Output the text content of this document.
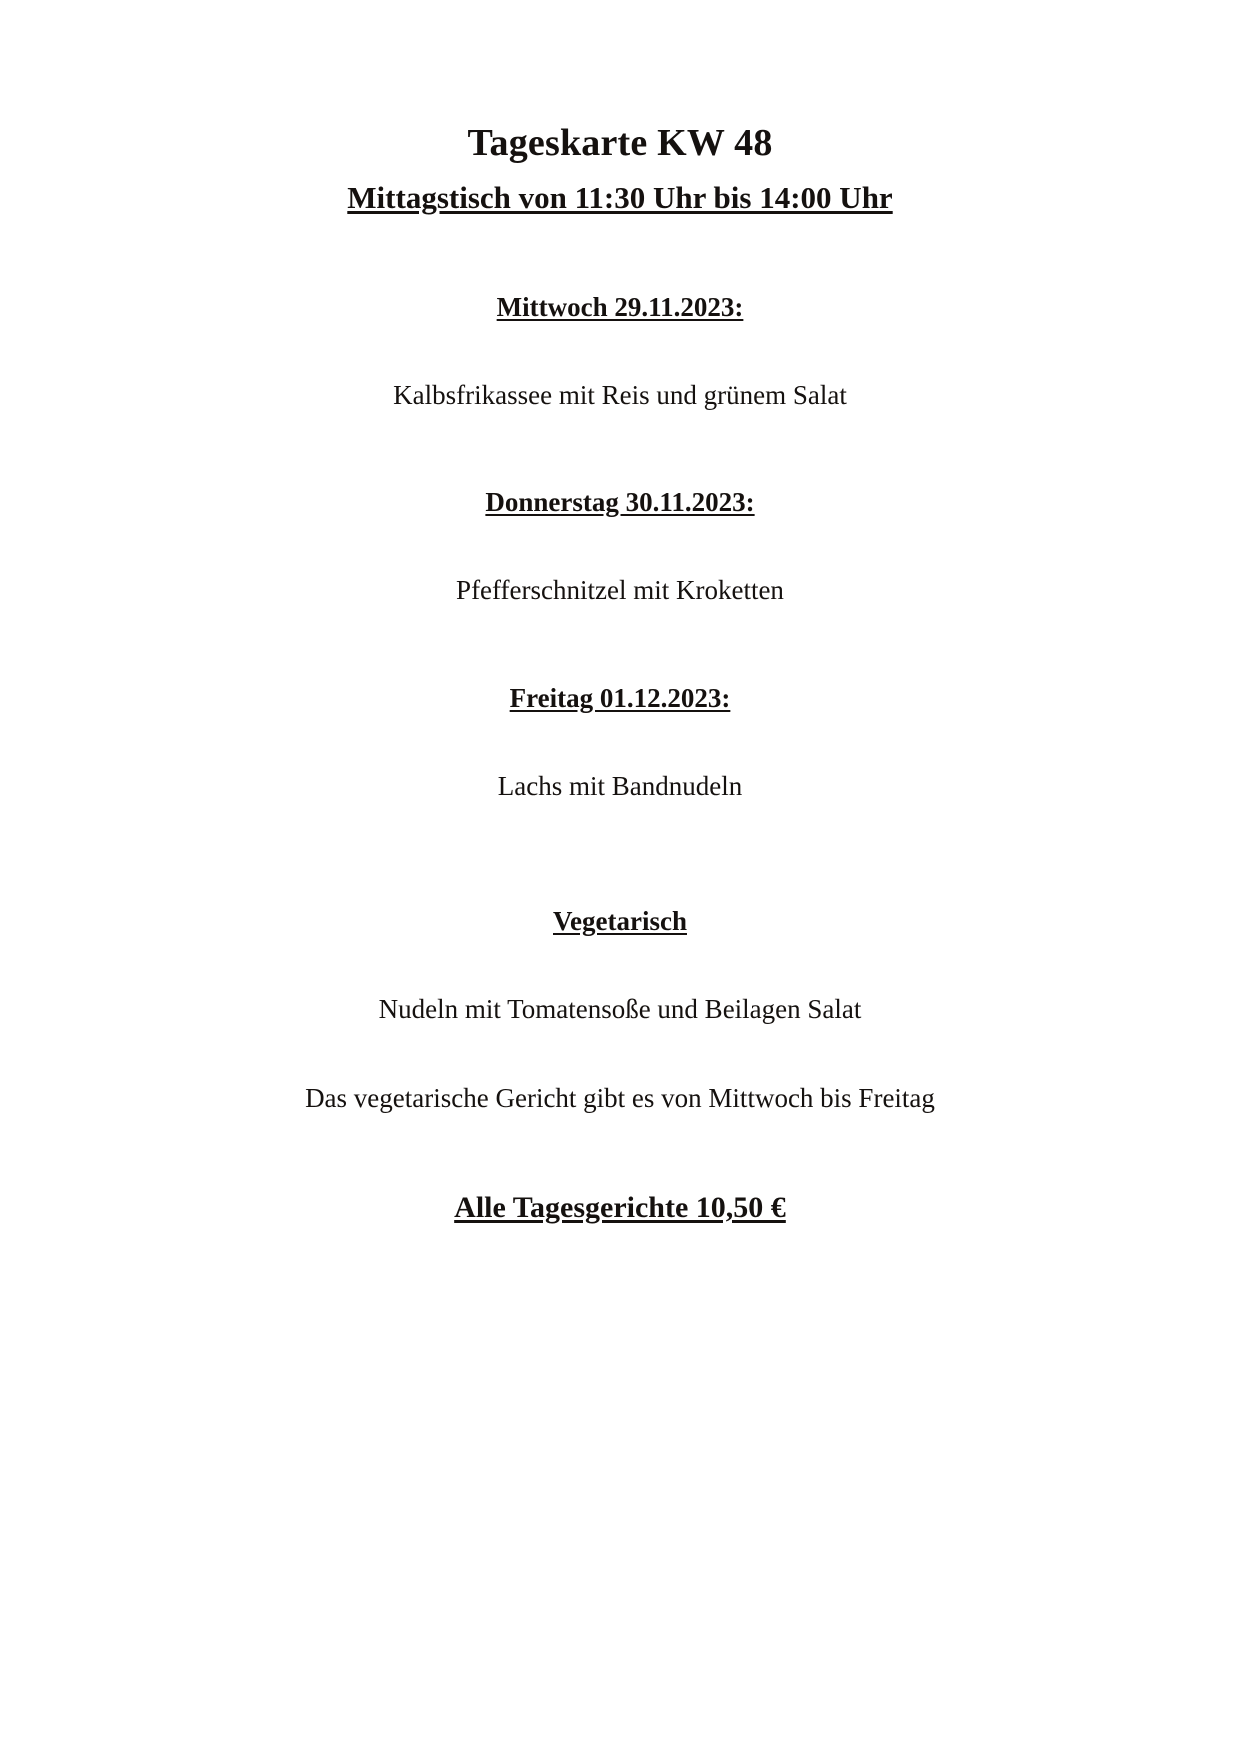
Tageskarte KW 48
Mittagstisch von 11:30 Uhr bis 14:00 Uhr
Mittwoch 29.11.2023:

Kalbsfrikassee mit Reis und grünem Salat

Donnerstag 30.11.2023:

Pfefferschnitzel mit Kroketten

Freitag 01.12.2023:

Lachs mit Bandnudeln

Vegetarisch

Nudeln mit Tomatensoße und Beilagen Salat

Das vegetarische Gericht gibt es von Mittwoch bis Freitag

Alle Tagesgerichte 10,50 €
